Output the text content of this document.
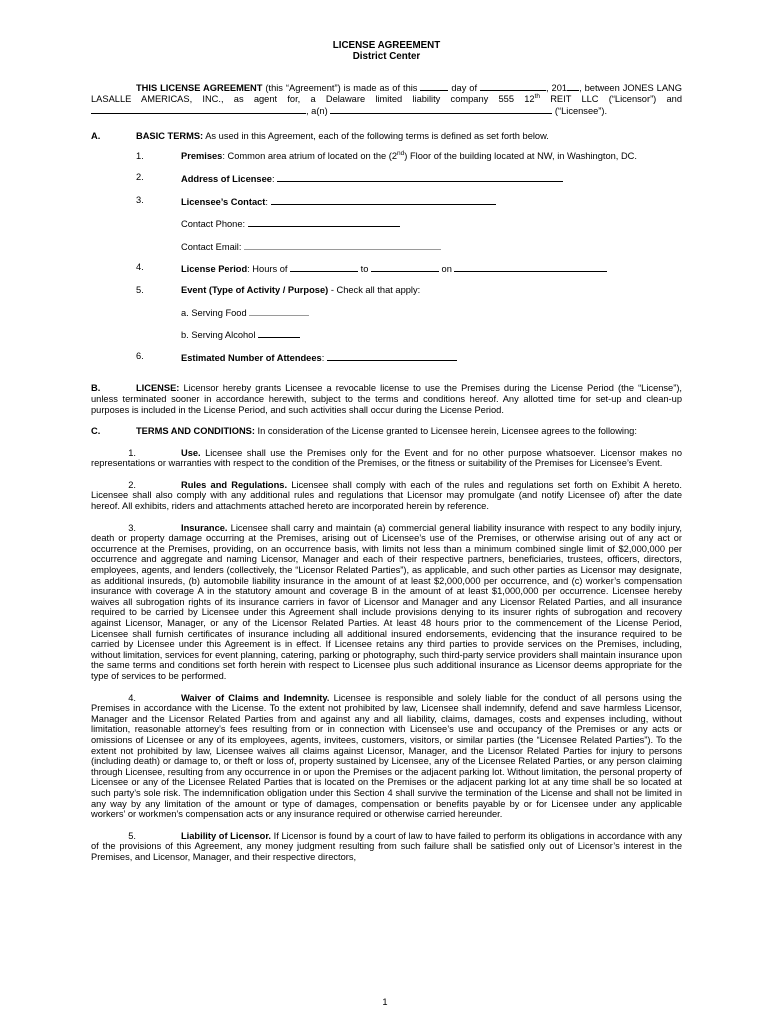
LICENSE AGREEMENT

District Center

THIS LICENSE AGREEMENT (this “Agreement”) is made as of this	day of	, 201 , between JONES LANG LASALLE AMERICAS, INC., as agent for, a Delaware limited liability company 555 12th REIT LLC (“Licensor”) and , a(n)	(“Licensee”).

A.	BASIC TERMS: As used in this Agreement, each of the following terms is defined as set forth below.
1.	Premises: Common area atrium of located on the (2nd) Floor of the building located at NW, in Washington, DC.
2.	Address of Licensee:
3.	Licensee’s Contact:

Contact Phone:

Contact Email:

4.	License Period: Hours of	to	on
5.	Event (Type of Activity / Purpose) - Check all that apply:

a. Serving Food

b. Serving Alcohol

6.	Estimated Number of Attendees:

B.	LICENSE: Licensor hereby grants Licensee a revocable license to use the Premises during the License Period (the “License”), unless terminated sooner in accordance herewith, subject to the terms and conditions hereof. Any allotted time for set-up and clean-up purposes is included in the License Period, and such activities shall occur during the License Period.

C.	TERMS AND CONDITIONS: In consideration of the License granted to Licensee herein, Licensee agrees to the following:

1.	Use. Licensee shall use the Premises only for the Event and for no other purpose whatsoever. Licensor makes no representations or warranties with respect to the condition of the Premises, or the fitness or suitability of the Premises for Licensee’s Event.

2.	Rules and Regulations. Licensee shall comply with each of the rules and regulations set forth on Exhibit A hereto. Licensee shall also comply with any additional rules and regulations that Licensor may promulgate (and notify Licensee of) after the date hereof. All exhibits, riders and attachments attached hereto are incorporated herein by reference.

3.	Insurance. Licensee shall carry and maintain (a) commercial general liability insurance with respect to any bodily injury, death or property damage occurring at the Premises, arising out of Licensee’s use of the Premises, or otherwise arising out of any act or occurrence at the Premises, providing, on an occurrence basis, with limits not less than a minimum combined single limit of $2,000,000 per occurrence and aggregate and naming Licensor, Manager and each of their respective partners, beneficiaries, trustees, officers, directors, employees, agents, and lenders (collectively, the “Licensor Related Parties”), as applicable, and such other parties as Licensor may designate, as additional insureds, (b) automobile liability insurance in the amount of at least $2,000,000 per occurrence, and (c) worker’s compensation insurance with coverage A in the statutory amount and coverage B in the amount of at least $1,000,000 per occurrence. Licensee hereby waives all subrogation rights of its insurance carriers in favor of Licensor and Manager and any Licensor Related Parties, and all insurance required to be carried by Licensee under this Agreement shall include provisions denying to its insurer rights of subrogation and recovery against Licensor, Manager, or any of the Licensor Related Parties. At least 48 hours prior to the commencement of the License Period, Licensee shall furnish certificates of insurance including all additional insured endorsements, evidencing that the insurance required to be carried by Licensee under this Agreement is in effect. If Licensee retains any third parties to provide services on the Premises, including, without limitation, services for event planning, catering, parking or photography, such third-party service providers shall maintain insurance upon the same terms and conditions set forth herein with respect to Licensee plus such additional insurance as Licensor deems appropriate for the type of services to be performed.

4.	Waiver of Claims and Indemnity. Licensee is responsible and solely liable for the conduct of all persons using the Premises in accordance with the License. To the extent not prohibited by law, Licensee shall indemnify, defend and save harmless Licensor, Manager and the Licensor Related Parties from and against any and all liability, claims, damages, costs and expenses including, without limitation, reasonable attorney’s fees resulting from or in connection with Licensee’s use and occupancy of the Premises or any acts or omissions of Licensee or any of its employees, agents, invitees, customers, visitors, or similar parties (the “Licensee Related Parties”). To the extent not prohibited by law, Licensee waives all claims against Licensor, Manager, and the Licensor Related Parties for injury to persons (including death) or damage to, or theft or loss of, property sustained by Licensee, any of the Licensee Related Parties, or any person claiming through Licensee, resulting from any occurrence in or upon the Premises or the adjacent parking lot. Without limitation, the personal property of Licensee or any of the Licensee Related Parties that is located on the Premises or the adjacent parking lot at any time shall be so located at such party’s sole risk. The indemnification obligation under this Section 4 shall survive the termination of the License and shall not be limited in any way by any limitation of the amount or type of damages, compensation or benefits payable by or for Licensee under any applicable workers’ or workmen’s compensation acts or any insurance required or otherwise carried hereunder.

5.	Liability of Licensor. If Licensor is found by a court of law to have failed to perform its obligations in accordance with any of the provisions of this Agreement, any money judgment resulting from such failure shall be satisfied only out of Licensor’s interest in the Premises, and Licensor, Manager, and their respective directors,

1
